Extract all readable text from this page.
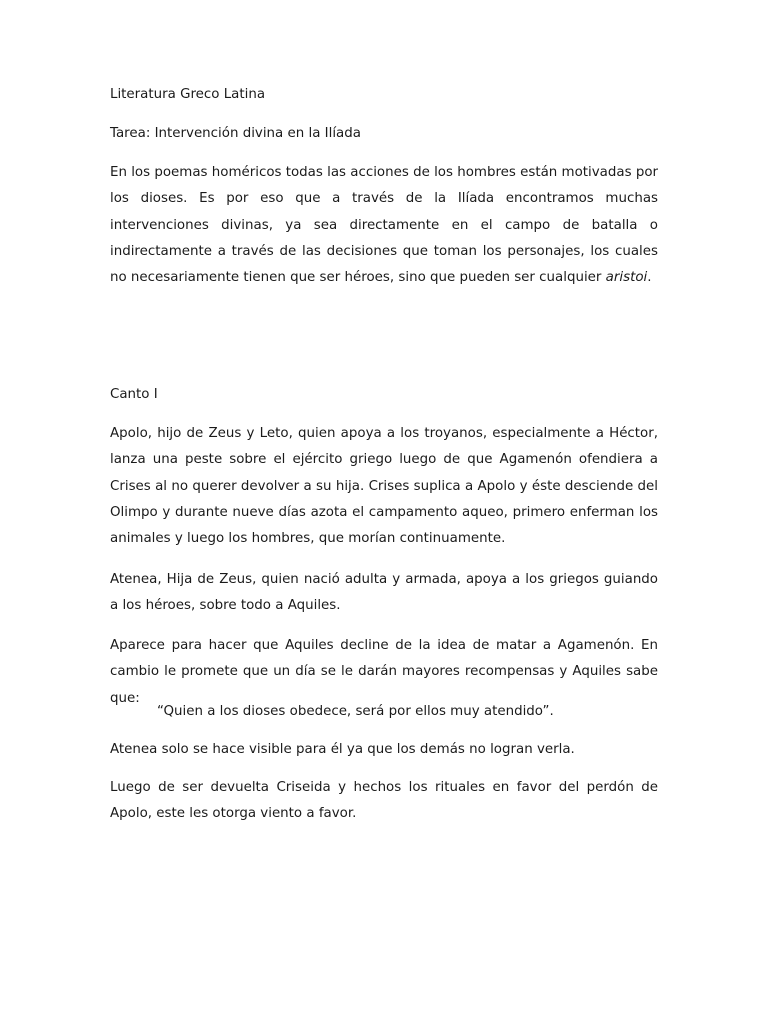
Literatura Greco Latina

Tarea: Intervención divina en la Ilíada

En los poemas homéricos todas las acciones de los hombres están motivadas por los dioses. Es por eso que a través de la Ilíada encontramos muchas intervenciones divinas, ya sea directamente en el campo de batalla o indirectamente a través de las decisiones que toman los personajes, los cuales no necesariamente tienen que ser héroes, sino que pueden ser cualquier aristoi.

Canto I

Apolo, hijo de Zeus y Leto, quien apoya a los troyanos, especialmente a Héctor, lanza una peste sobre el ejército griego luego de que Agamenón ofendiera a Crises al no querer devolver a su hija. Crises suplica a Apolo y éste desciende del Olimpo y durante nueve días azota el campamento aqueo, primero enferman los animales y luego los hombres, que morían continuamente.

Atenea, Hija de Zeus, quien nació adulta y armada, apoya a los griegos guiando a los héroes, sobre todo a Aquiles.

Aparece para hacer que Aquiles decline de la idea de matar a Agamenón. En cambio le promete que un día se le darán mayores recompensas y Aquiles sabe que:

“Quien a los dioses obedece, será por ellos muy atendido”.

Atenea solo se hace visible para él ya que los demás no logran verla.

Luego de ser devuelta Criseida y hechos los rituales en favor del perdón de Apolo, este les otorga viento a favor.
